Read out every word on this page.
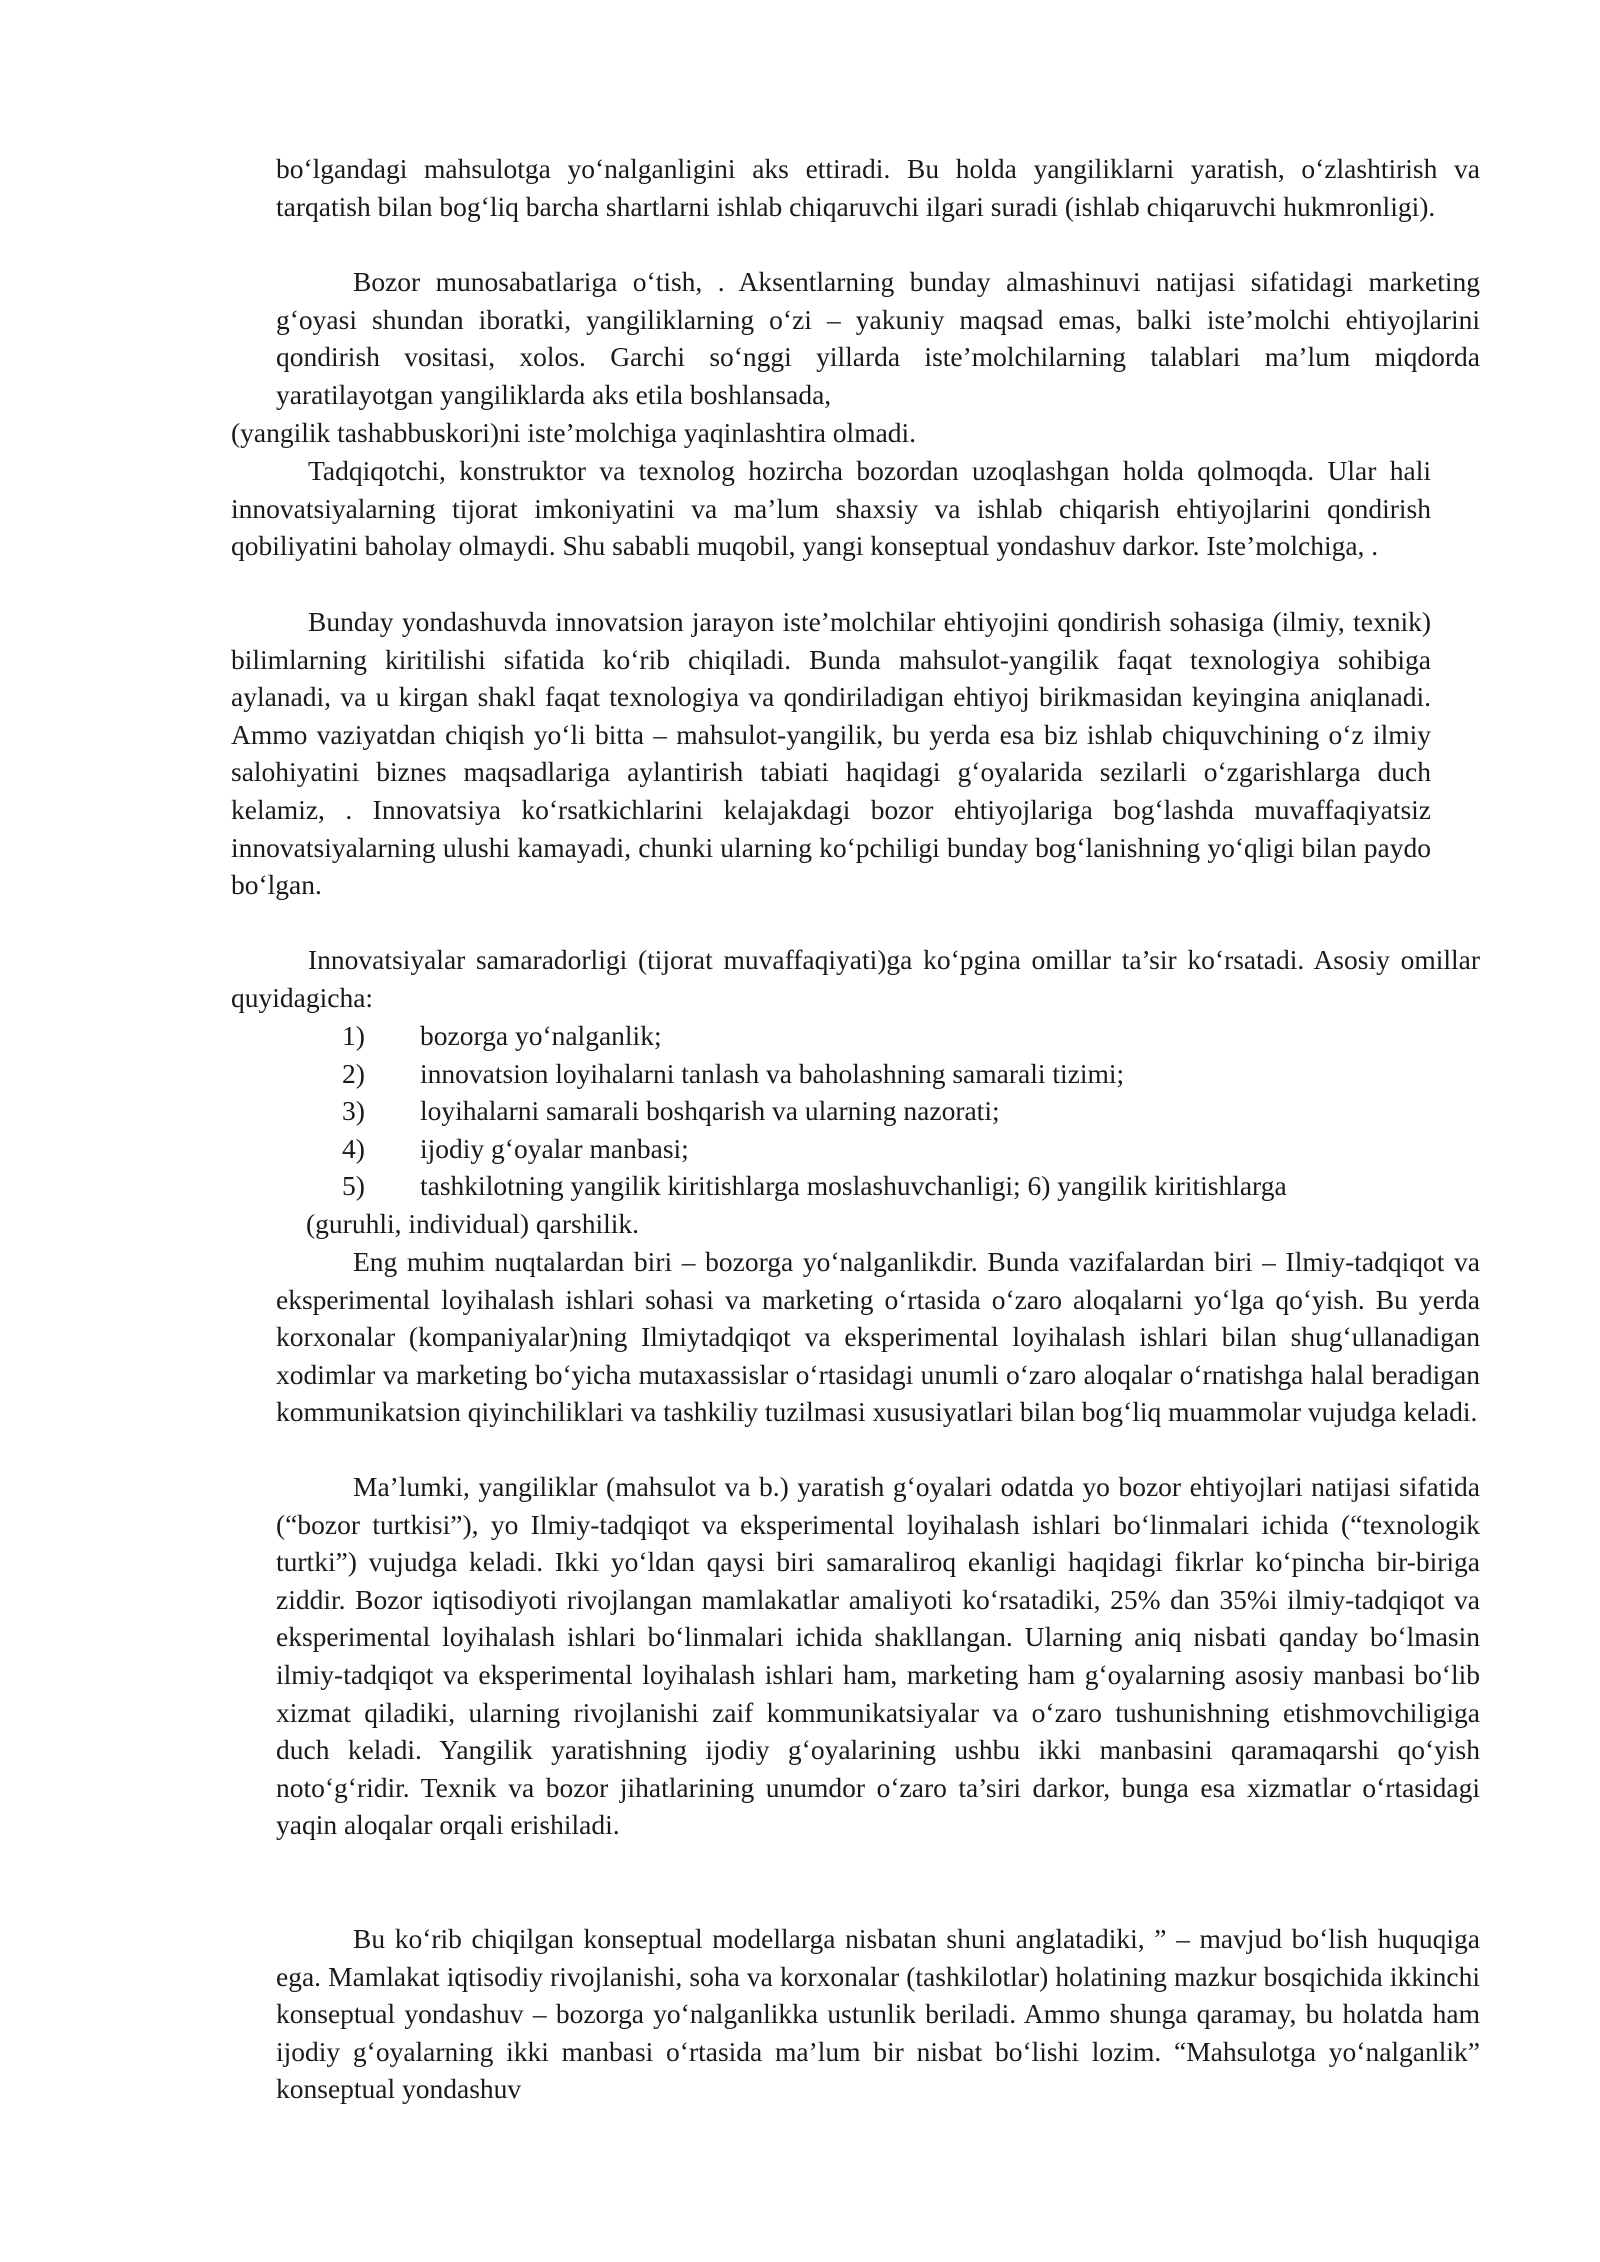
bo‘lgandagi mahsulotga yo‘nalganligini aks ettiradi. Bu holda yangiliklarni yaratish, o‘zlashtirish va tarqatish bilan bog‘liq barcha shartlarni ishlab chiqaruvchi ilgari suradi (ishlab chiqaruvchi hukmronligi).

Bozor munosabatlariga o‘tish, . Aksentlarning bunday almashinuvi natijasi sifatidagi marketing g‘oyasi shundan iboratki, yangiliklarning o‘zi – yakuniy maqsad emas, balki iste’molchi ehtiyojlarini qondirish vositasi, xolos. Garchi so‘nggi yillarda iste’molchilarning talablari ma’lum miqdorda yaratilayotgan yangiliklarda aks etila boshlansada,

(yangilik tashabbuskori)ni iste’molchiga yaqinlashtira olmadi.

Tadqiqotchi, konstruktor va texnolog hozircha bozordan uzoqlashgan holda qolmoqda. Ular hali innovatsiyalarning tijorat imkoniyatini va ma’lum shaxsiy va ishlab chiqarish ehtiyojlarini qondirish qobiliyatini baholay olmaydi. Shu sababli muqobil, yangi konseptual yondashuv darkor. Iste’molchiga, .

Bunday yondashuvda innovatsion jarayon iste’molchilar ehtiyojini qondirish sohasiga (ilmiy, texnik) bilimlarning kiritilishi sifatida ko‘rib chiqiladi. Bunda mahsulot-yangilik faqat texnologiya sohibiga aylanadi, va u kirgan shakl faqat texnologiya va qondiriladigan ehtiyoj birikmasidan keyingina aniqlanadi. Ammo vaziyatdan chiqish yo‘li bitta – mahsulot-yangilik, bu yerda esa biz ishlab chiquvchining o‘z ilmiy salohiyatini biznes maqsadlariga aylantirish tabiati haqidagi g‘oyalarida sezilarli o‘zgarishlarga duch kelamiz, . Innovatsiya ko‘rsatkichlarini kelajakdagi bozor ehtiyojlariga bog‘lashda muvaffaqiyatsiz innovatsiyalarning ulushi kamayadi, chunki ularning ko‘pchiligi bunday bog‘lanishning yo‘qligi bilan paydo bo‘lgan.

Innovatsiyalar samaradorligi (tijorat muvaffaqiyati)ga ko‘pgina omillar ta’sir ko‘rsatadi. Asosiy omillar quyidagicha:

1) bozorga yo‘nalganlik;
2) innovatsion loyihalarni tanlash va baholashning samarali tizimi;
3) loyihalarni samarali boshqarish va ularning nazorati;
4) ijodiy g‘oyalar manbasi;
5) tashkilotning yangilik kiritishlarga moslashuvchanligi; 6) yangilik kiritishlarga

(guruhli, individual) qarshilik.

Eng muhim nuqtalardan biri – bozorga yo‘nalganlikdir. Bunda vazifalardan biri – Ilmiy-tadqiqot va eksperimental loyihalash ishlari sohasi va marketing o‘rtasida o‘zaro aloqalarni yo‘lga qo‘yish. Bu yerda korxonalar (kompaniyalar)ning Ilmiytadqiqot va eksperimental loyihalash ishlari bilan shug‘ullanadigan xodimlar va marketing bo‘yicha mutaxassislar o‘rtasidagi unumli o‘zaro aloqalar o‘rnatishga halal beradigan kommunikatsion qiyinchiliklari va tashkiliy tuzilmasi xususiyatlari bilan bog‘liq muammolar vujudga keladi.

Ma’lumki, yangiliklar (mahsulot va b.) yaratish g‘oyalari odatda yo bozor ehtiyojlari natijasi sifatida (“bozor turtkisi”), yo Ilmiy-tadqiqot va eksperimental loyihalash ishlari bo‘linmalari ichida (“texnologik turtki”) vujudga keladi. Ikki yo‘ldan qaysi biri samaraliroq ekanligi haqidagi fikrlar ko‘pincha bir-biriga ziddir. Bozor iqtisodiyoti rivojlangan mamlakatlar amaliyoti ko‘rsatadiki, 25% dan 35%i ilmiy-tadqiqot va eksperimental loyihalash ishlari bo‘linmalari ichida shakllangan. Ularning aniq nisbati qanday bo‘lmasin ilmiy-tadqiqot va eksperimental loyihalash ishlari ham, marketing ham g‘oyalarning asosiy manbasi bo‘lib xizmat qiladiki, ularning rivojlanishi zaif kommunikatsiyalar va o‘zaro tushunishning etishmovchiligiga duch keladi. Yangilik yaratishning ijodiy g‘oyalarining ushbu ikki manbasini qaramaqarshi qo‘yish noto‘g‘ridir. Texnik va bozor jihatlarining unumdor o‘zaro ta’siri darkor, bunga esa xizmatlar o‘rtasidagi yaqin aloqalar orqali erishiladi.

Bu ko‘rib chiqilgan konseptual modellarga nisbatan shuni anglatadiki, ” – mavjud bo‘lish huquqiga ega. Mamlakat iqtisodiy rivojlanishi, soha va korxonalar (tashkilotlar) holatining mazkur bosqichida ikkinchi konseptual yondashuv – bozorga yo‘nalganlikka ustunlik beriladi. Ammo shunga qaramay, bu holatda ham ijodiy g‘oyalarning ikki manbasi o‘rtasida ma’lum bir nisbat bo‘lishi lozim. “Mahsulotga yo‘nalganlik” konseptual yondashuv
